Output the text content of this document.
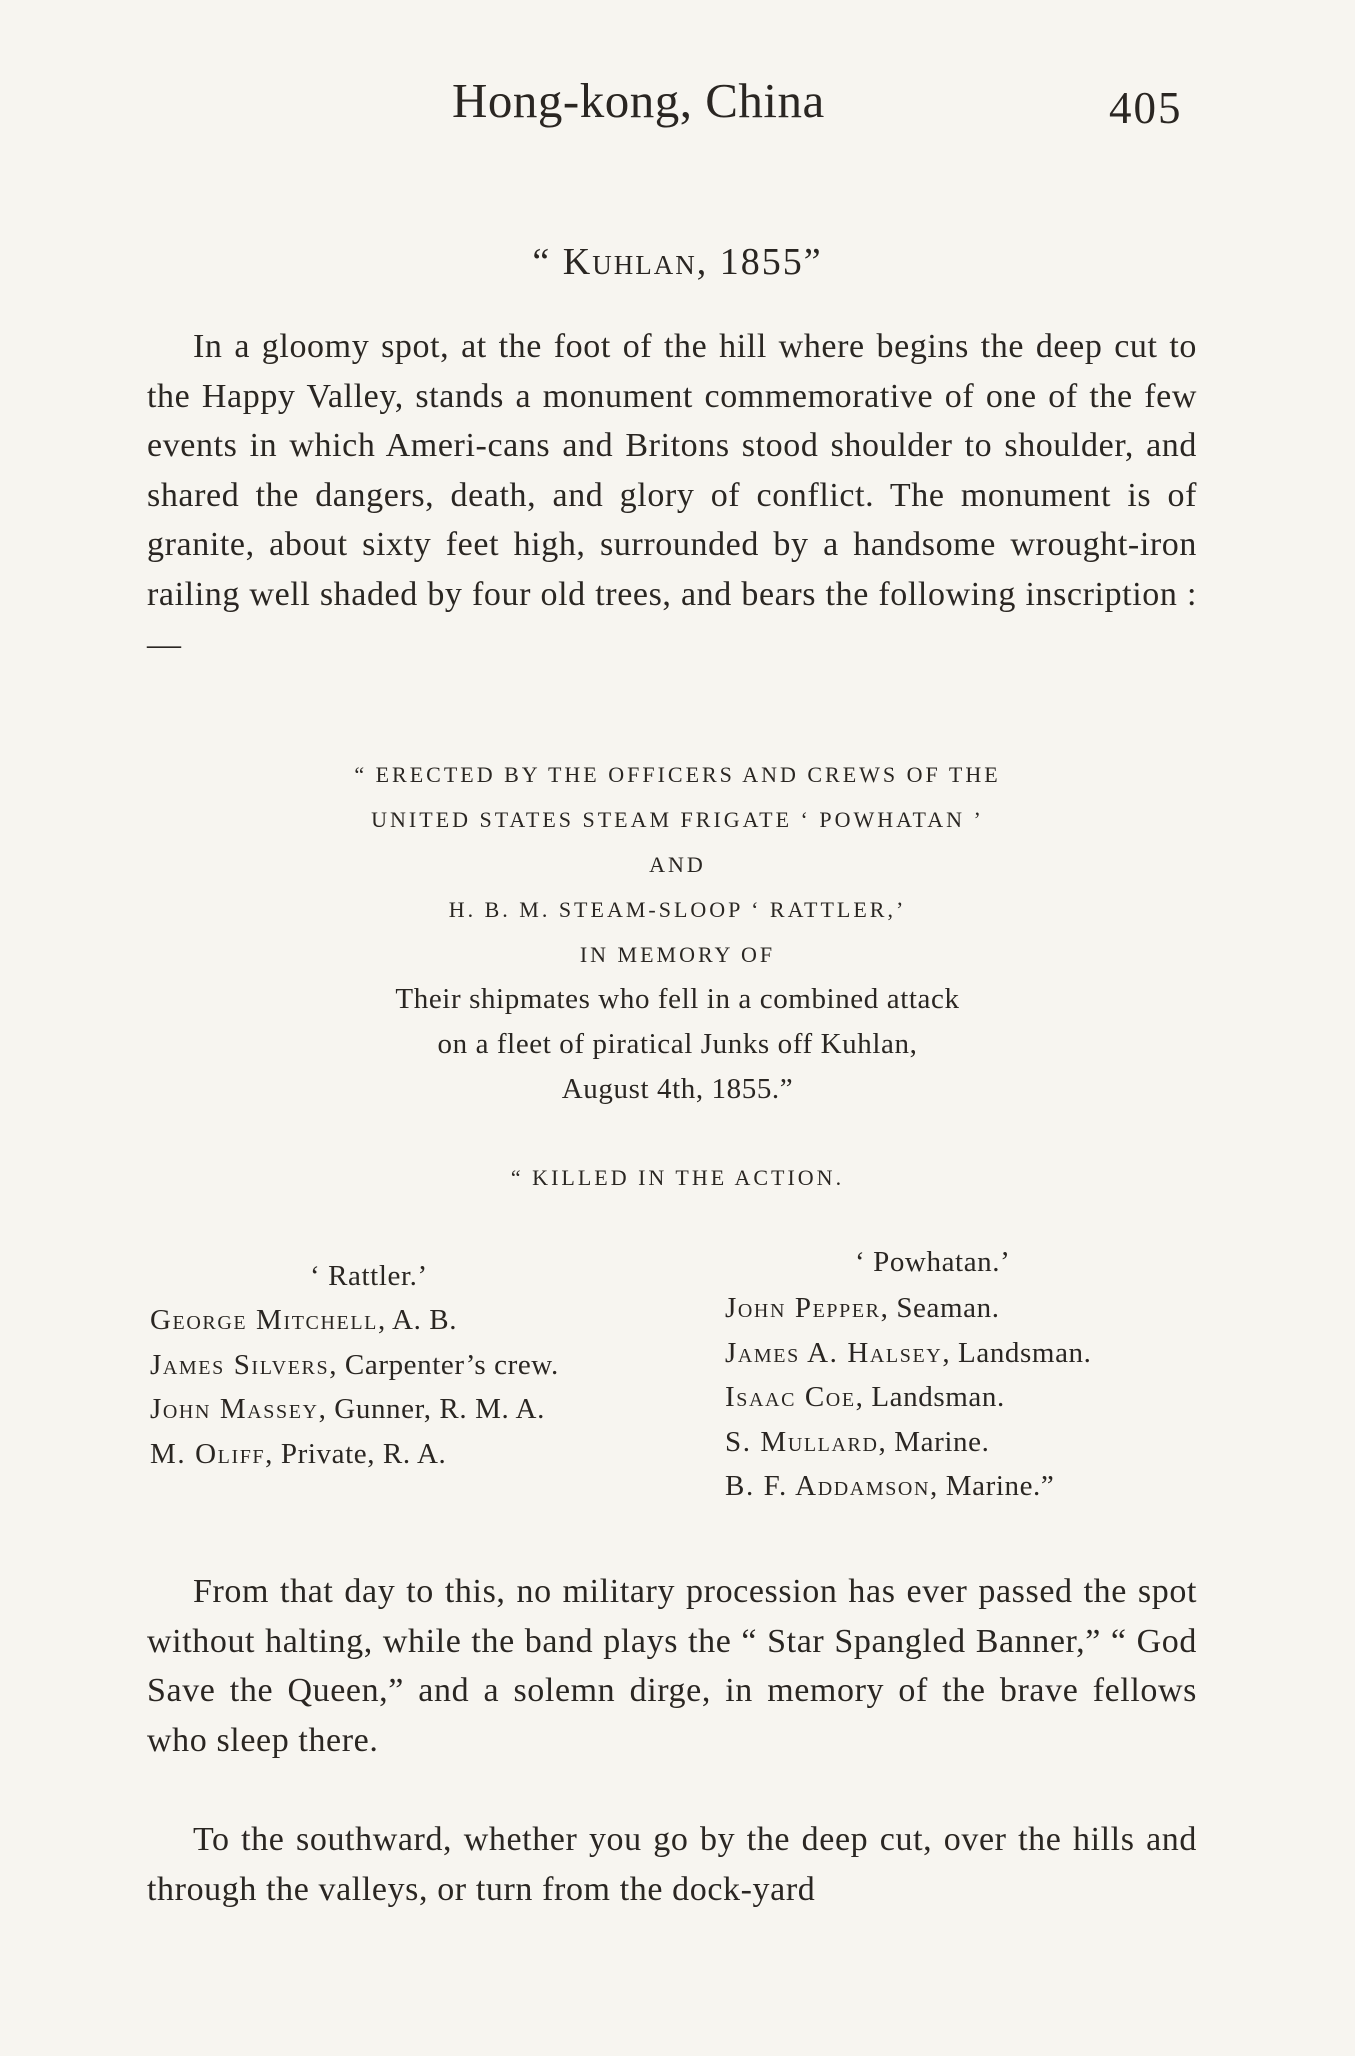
Hong-kong, China	405
“ Kuhlan, 1855”

In a gloomy spot, at the foot of the hill where begins the deep cut to the Happy Valley, stands a monument commemorative of one of the few events in which Ameri-cans and Britons stood shoulder to shoulder, and shared the dangers, death, and glory of conflict. The monument is of granite, about sixty feet high, surrounded by a handsome wrought-iron railing well shaded by four old trees, and bears the following inscription : —

“ ERECTED BY THE OFFICERS AND CREWS OF THE
UNITED STATES STEAM FRIGATE ‘ POWHATAN ’
AND
H. B. M. STEAM-SLOOP ‘ RATTLER,’
IN MEMORY OF
Their shipmates who fell in a combined attack
on a fleet of piratical Junks off Kuhlan,
August 4th, 1855.”
“ KILLED IN THE ACTION.
‘ Rattler.’
George Mitchell, A. B.
James Silvers, Carpenter’s crew.
John Massey, Gunner, R. M. A.
M. Oliff, Private, R. A.
‘ Powhatan.’
John Pepper, Seaman.
James A. Halsey, Landsman.
Isaac Coe, Landsman.
S. Mullard, Marine.
B. F. Addamson, Marine.”

From that day to this, no military procession has ever passed the spot without halting, while the band plays the “ Star Spangled Banner,” “ God Save the Queen,” and a solemn dirge, in memory of the brave fellows who sleep there.

To the southward, whether you go by the deep cut, over the hills and through the valleys, or turn from the dock-yard
